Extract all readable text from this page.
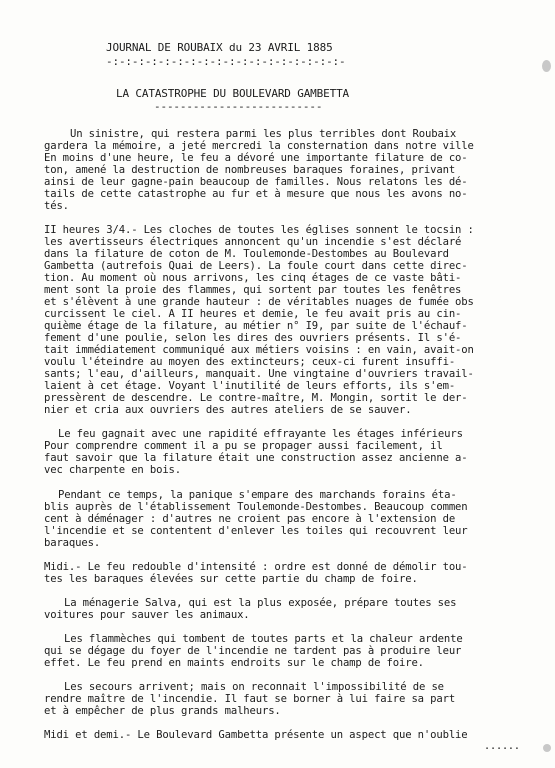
JOURNAL DE ROUBAIX du 23 AVRIL 1885
-:-:-:-:-:-:-:-:-:-:-:-:-:-:-:-:-:-:-
LA CATASTROPHE DU BOULEVARD GAMBETTA
--------------------------
Un sinistre, qui restera parmi les plus terribles dont Roubaix
gardera la mémoire, a jeté mercredi la consternation dans notre ville
En moins d'une heure, le feu a dévoré une importante filature de co-
ton, amené la destruction de nombreuses baraques foraines, privant
ainsi de leur gagne-pain beaucoup de familles. Nous relatons les dé-
tails de cette catastrophe au fur et à mesure que nous les avons no-
tés.
II heures 3/4.- Les cloches de toutes les églises sonnent le tocsin :
les avertisseurs électriques annoncent qu'un incendie s'est déclaré
dans la filature de coton de M. Toulemonde-Destombes au Boulevard
Gambetta (autrefois Quai de Leers). La foule court dans cette direc-
tion. Au moment où nous arrivons, les cinq étages de ce vaste bâti-
ment sont la proie des flammes, qui sortent par toutes les fenêtres
et s'élèvent à une grande hauteur : de véritables nuages de fumée obs
curcissent le ciel. A II heures et demie, le feu avait pris au cin-
quième étage de la filature, au métier n° I9, par suite de l'échauf-
fement d'une poulie, selon les dires des ouvriers présents. Il s'é-
tait immédiatement communiqué aux métiers voisins : en vain, avait-on
voulu l'éteindre au moyen des extincteurs; ceux-ci furent insuffi-
sants; l'eau, d'ailleurs, manquait. Une vingtaine d'ouvriers travail-
laient à cet étage. Voyant l'inutilité de leurs efforts, ils s'em-
pressèrent de descendre. Le contre-maître, M. Mongin, sortit le der-
nier et cria aux ouvriers des autres ateliers de se sauver.
Le feu gagnait avec une rapidité effrayante les étages inférieurs
Pour comprendre comment il a pu se propager aussi facilement, il
faut savoir que la filature était une construction assez ancienne a-
vec charpente en bois.
Pendant ce temps, la panique s'empare des marchands forains éta-
blis auprès de l'établissement Toulemonde-Destombes. Beaucoup commen
cent à déménager : d'autres ne croient pas encore à l'extension de
l'incendie et se contentent d'enlever les toiles qui recouvrent leur
baraques.
Midi.- Le feu redouble d'intensité : ordre est donné de démolir tou-
tes les baraques élevées sur cette partie du champ de foire.
La ménagerie Salva, qui est la plus exposée, prépare toutes ses
voitures pour sauver les animaux.
Les flammèches qui tombent de toutes parts et la chaleur ardente
qui se dégage du foyer de l'incendie ne tardent pas à produire leur
effet. Le feu prend en maints endroits sur le champ de foire.
Les secours arrivent; mais on reconnait l'impossibilité de se
rendre maître de l'incendie. Il faut se borner à lui faire sa part
et à empêcher de plus grands malheurs.
Midi et demi.- Le Boulevard Gambetta présente un aspect que n'oublie
......
